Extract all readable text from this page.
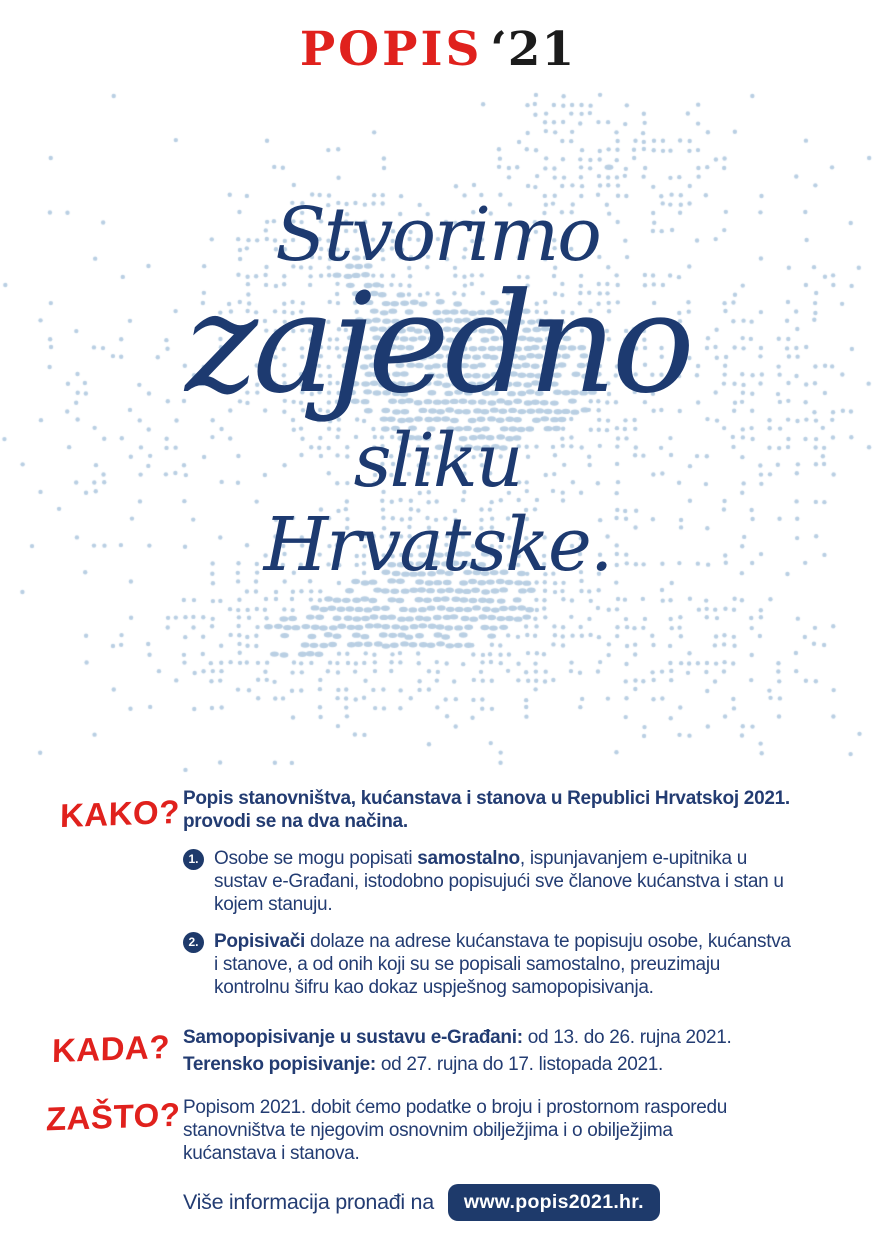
POPIS ‘21
Stvorimo
zajedno
sliku
Hrvatske.
KAKO? Popis stanovništva, kućanstava i stanova u Republici Hrvatskoj 2021.
provodi se na dva načina.
1. Osobe se mogu popisati samostalno, ispunjavanjem e-upitnika u sustav e-Građani, istodobno popisujući sve članove kućanstva i stan u kojem stanuju.
2. Popisivači dolaze na adrese kućanstava te popisuju osobe, kućanstva i stanove, a od onih koji su se popisali samostalno, preuzimaju kontrolnu šifru kao dokaz uspješnog samopopisivanja.
KADA? Samopopisivanje u sustavu e-Građani: od 13. do 26. rujna 2021.
Terensko popisivanje: od 27. rujna do 17. listopada 2021.
ZAŠTO? Popisom 2021. dobit ćemo podatke o broju i prostornom rasporedu stanovništva te njegovim osnovnim obilježjima i o obilježjima kućanstava i stanova.
Više informacija pronađi na	www.popis2021.hr.
